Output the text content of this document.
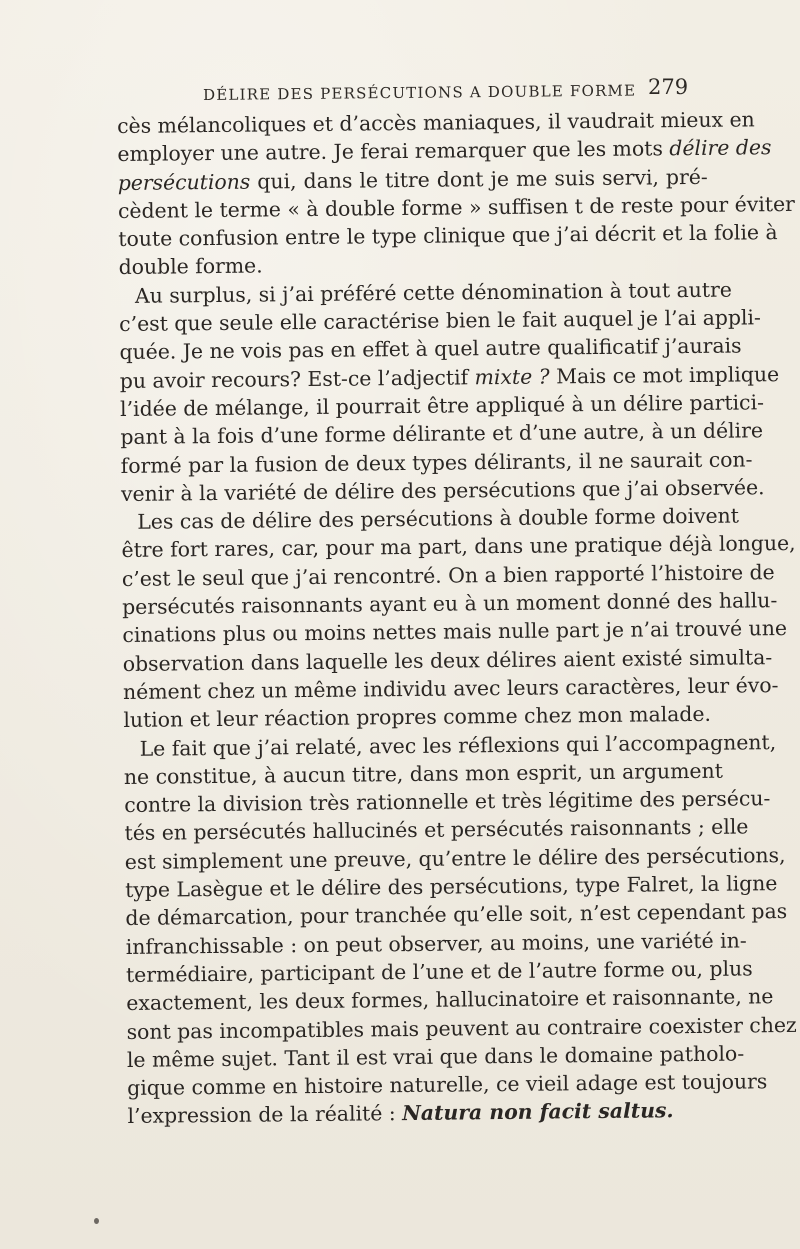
DÉLIRE DES PERSÉCUTIONS A DOUBLE FORME 279
cès mélancoliques et d’accès maniaques, il vaudrait mieux en
employer une autre. Je ferai remarquer que les mots délire des
persécutions qui, dans le titre dont je me suis servi, pré-
cèdent le terme « à double forme » suffisen t de reste pour éviter
toute confusion entre le type clinique que j’ai décrit et la folie à
double forme.
Au surplus, si j’ai préféré cette dénomination à tout autre
c’est que seule elle caractérise bien le fait auquel je l’ai appli-
quée. Je ne vois pas en effet à quel autre qualificatif j’aurais
pu avoir recours? Est-ce l’adjectif mixte ? Mais ce mot implique
l’idée de mélange, il pourrait être appliqué à un délire partici-
pant à la fois d’une forme délirante et d’une autre, à un délire
formé par la fusion de deux types délirants, il ne saurait con-
venir à la variété de délire des persécutions que j’ai observée.
Les cas de délire des persécutions à double forme doivent
être fort rares, car, pour ma part, dans une pratique déjà longue,
c’est le seul que j’ai rencontré. On a bien rapporté l’histoire de
persécutés raisonnants ayant eu à un moment donné des hallu-
cinations plus ou moins nettes mais nulle part je n’ai trouvé une
observation dans laquelle les deux délires aient existé simulta-
nément chez un même individu avec leurs caractères, leur évo-
lution et leur réaction propres comme chez mon malade.
Le fait que j’ai relaté, avec les réflexions qui l’accompagnent,
ne constitue, à aucun titre, dans mon esprit, un argument
contre la division très rationnelle et très légitime des persécu-
tés en persécutés hallucinés et persécutés raisonnants ; elle
est simplement une preuve, qu’entre le délire des persécutions,
type Lasègue et le délire des persécutions, type Falret, la ligne
de démarcation, pour tranchée qu’elle soit, n’est cependant pas
infranchissable : on peut observer, au moins, une variété in-
termédiaire, participant de l’une et de l’autre forme ou, plus
exactement, les deux formes, hallucinatoire et raisonnante, ne
sont pas incompatibles mais peuvent au contraire coexister chez
le même sujet. Tant il est vrai que dans le domaine patholo-
gique comme en histoire naturelle, ce vieil adage est toujours
l’expression de la réalité : Natura non facit saltus.
